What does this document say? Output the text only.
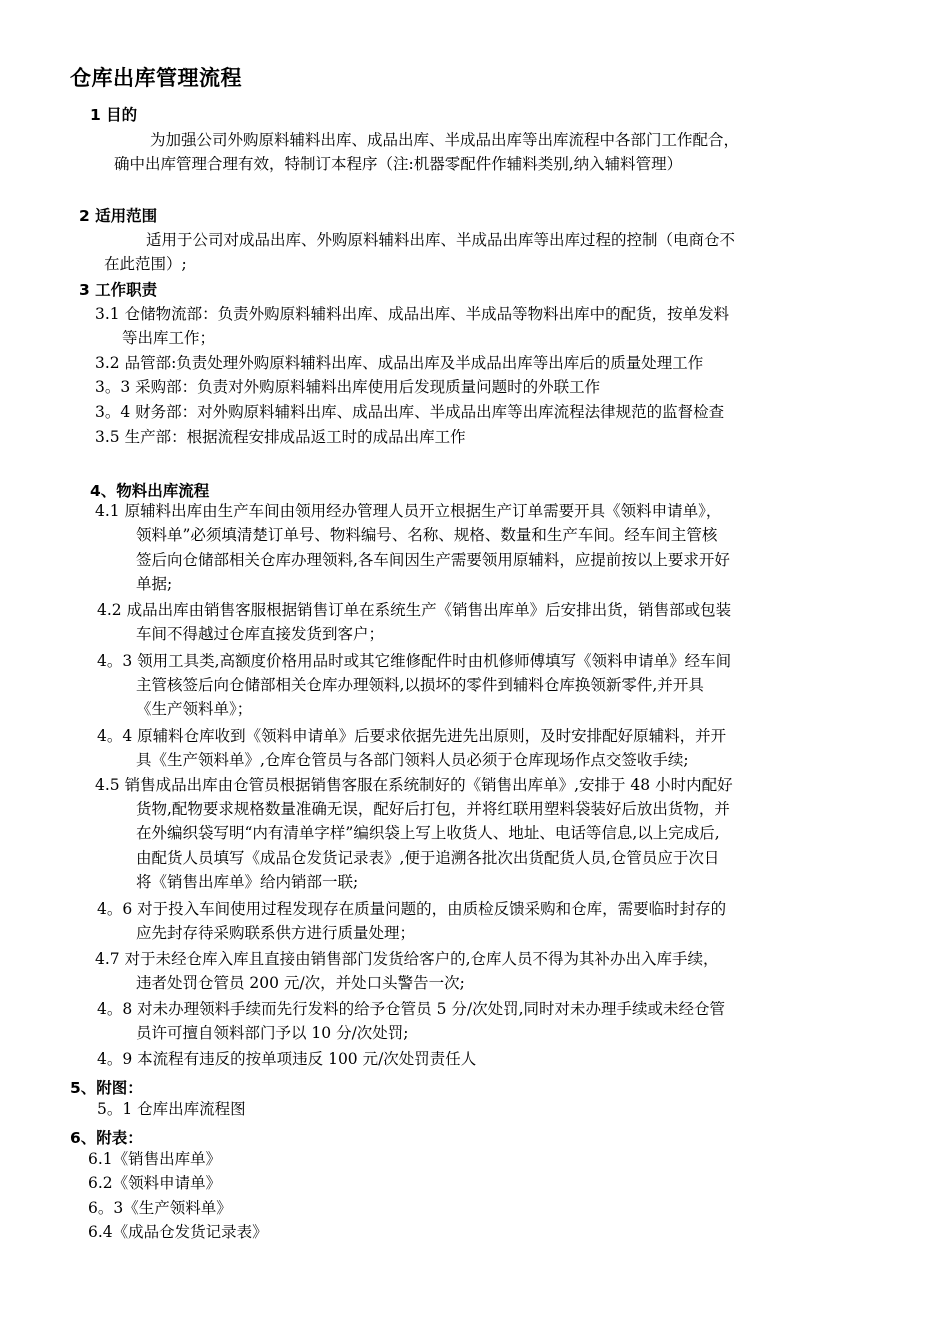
仓库出库管理流程
1 目的
为加强公司外购原料辅料出库、成品出库、半成品出库等出库流程中各部门工作配合，
确中出库管理合理有效，特制订本程序（注:机器零配件作辅料类别,纳入辅料管理）
2 适用范围
适用于公司对成品出库、外购原料辅料出库、半成品出库等出库过程的控制（电商仓不
在此范围）;
3 工作职责
3.1 仓储物流部：负责外购原料辅料出库、成品出库、半成品等物料出库中的配货，按单发料
等出库工作；
3.2 品管部:负责处理外购原料辅料出库、成品出库及半成品出库等出库后的质量处理工作
3。3 采购部：负责对外购原料辅料出库使用后发现质量问题时的外联工作
3。4 财务部：对外购原料辅料出库、成品出库、半成品出库等出库流程法律规范的监督检查
3.5 生产部：根据流程安排成品返工时的成品出库工作
4、物料出库流程
4.1 原辅料出库由生产车间由领用经办管理人员开立根据生产订单需要开具《领料申请单》，
领料单”必须填清楚订单号、物料编号、名称、规格、数量和生产车间。经车间主管核
签后向仓储部相关仓库办理领料,各车间因生产需要领用原辅料，应提前按以上要求开好
单据;
4.2 成品出库由销售客服根据销售订单在系统生产《销售出库单》后安排出货，销售部或包装
车间不得越过仓库直接发货到客户；
4。3 领用工具类,高额度价格用品时或其它维修配件时由机修师傅填写《领料申请单》经车间
主管核签后向仓储部相关仓库办理领料,以损坏的零件到辅料仓库换领新零件,并开具
《生产领料单》；
4。4 原辅料仓库收到《领料申请单》后要求依据先进先出原则，及时安排配好原辅料，并开
具《生产领料单》,仓库仓管员与各部门领料人员必须于仓库现场作点交签收手续;
4.5 销售成品出库由仓管员根据销售客服在系统制好的《销售出库单》,安排于 48 小时内配好
货物,配物要求规格数量准确无误，配好后打包，并将红联用塑料袋装好后放出货物，并
在外编织袋写明“内有清单字样”编织袋上写上收货人、地址、电话等信息,以上完成后,
由配货人员填写《成品仓发货记录表》,便于追溯各批次出货配货人员,仓管员应于次日
将《销售出库单》给内销部一联;
4。6 对于投入车间使用过程发现存在质量问题的，由质检反馈采购和仓库，需要临时封存的
应先封存待采购联系供方进行质量处理；
4.7 对于未经仓库入库且直接由销售部门发货给客户的,仓库人员不得为其补办出入库手续，
违者处罚仓管员 200 元/次，并处口头警告一次;
4。8 对未办理领料手续而先行发料的给予仓管员 5 分/次处罚,同时对未办理手续或未经仓管
员许可擅自领料部门予以 10 分/次处罚;
4。9 本流程有违反的按单项违反 100 元/次处罚责任人
5、附图：
5。1 仓库出库流程图
6、附表：
6.1《销售出库单》
6.2《领料申请单》
6。3《生产领料单》
6.4《成品仓发货记录表》
